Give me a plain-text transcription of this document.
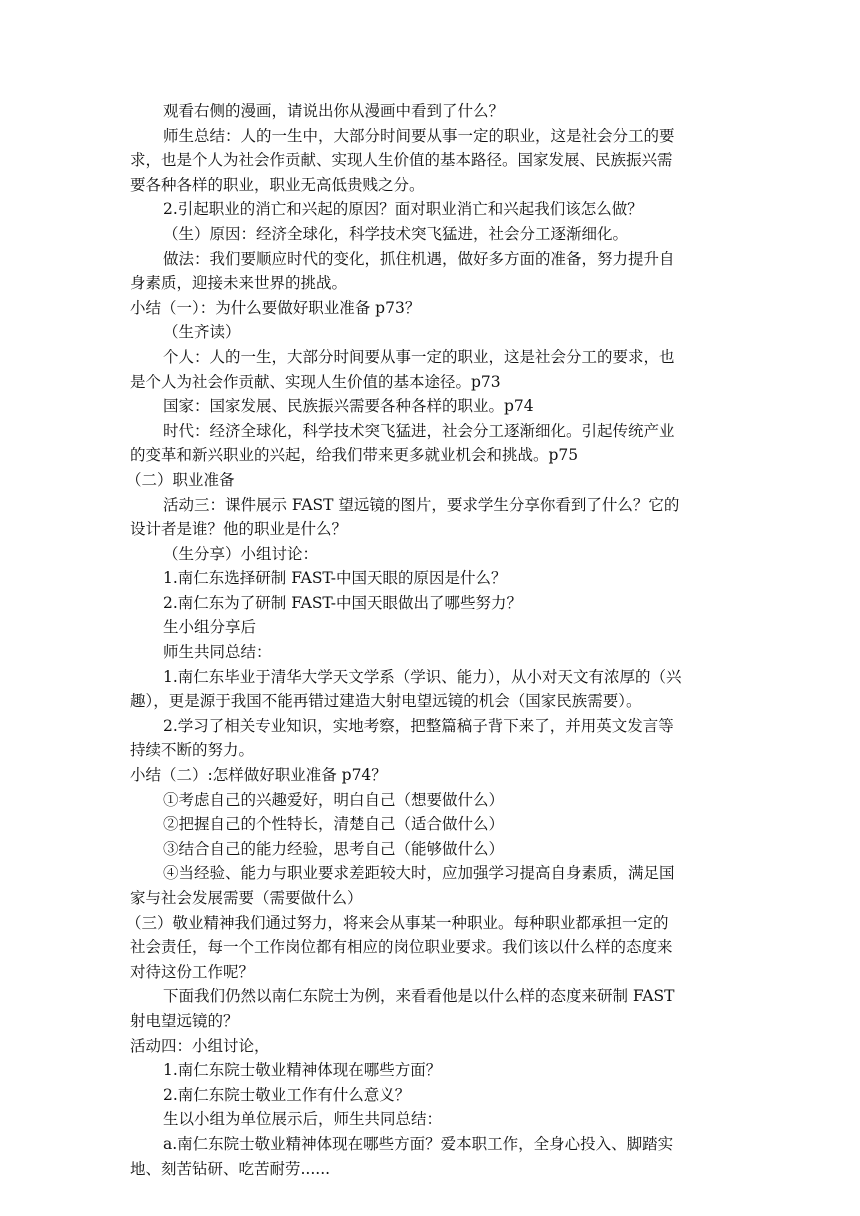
观看右侧的漫画，请说出你从漫画中看到了什么？

师生总结：人的一生中，大部分时间要从事一定的职业，这是社会分工的要

求，也是个人为社会作贡献、实现人生价值的基本路径。国家发展、民族振兴需

要各种各样的职业，职业无高低贵贱之分。

2.引起职业的消亡和兴起的原因？面对职业消亡和兴起我们该怎么做？

（生）原因：经济全球化，科学技术突飞猛进，社会分工逐渐细化。

做法：我们要顺应时代的变化，抓住机遇，做好多方面的准备，努力提升自

身素质，迎接未来世界的挑战。

小结（一）：为什么要做好职业准备 p73？

（生齐读）

个人：人的一生，大部分时间要从事一定的职业，这是社会分工的要求，也

是个人为社会作贡献、实现人生价值的基本途径。p73

国家：国家发展、民族振兴需要各种各样的职业。p74

时代：经济全球化，科学技术突飞猛进，社会分工逐渐细化。引起传统产业

的变革和新兴职业的兴起，给我们带来更多就业机会和挑战。p75

（二）职业准备

活动三：课件展示 FAST 望远镜的图片，要求学生分享你看到了什么？它的

设计者是谁？他的职业是什么？

（生分享）小组讨论：

1.南仁东选择研制 FAST-中国天眼的原因是什么？

2.南仁东为了研制 FAST-中国天眼做出了哪些努力？

生小组分享后

师生共同总结：

1.南仁东毕业于清华大学天文学系（学识、能力），从小对天文有浓厚的（兴

趣），更是源于我国不能再错过建造大射电望远镜的机会（国家民族需要）。

2.学习了相关专业知识，实地考察，把整篇稿子背下来了，并用英文发言等

持续不断的努力。

小结（二）:怎样做好职业准备 p74？

①考虑自己的兴趣爱好，明白自己（想要做什么）

②把握自己的个性特长，清楚自己（适合做什么）

③结合自己的能力经验，思考自己（能够做什么）

④当经验、能力与职业要求差距较大时，应加强学习提高自身素质，满足国

家与社会发展需要（需要做什么）

（三）敬业精神我们通过努力，将来会从事某一种职业。每种职业都承担一定的

社会责任，每一个工作岗位都有相应的岗位职业要求。我们该以什么样的态度来

对待这份工作呢？

下面我们仍然以南仁东院士为例，来看看他是以什么样的态度来研制 FAST

射电望远镜的？

活动四：小组讨论，

1.南仁东院士敬业精神体现在哪些方面？

2.南仁东院士敬业工作有什么意义？

生以小组为单位展示后，师生共同总结：

a.南仁东院士敬业精神体现在哪些方面？爱本职工作，全身心投入、脚踏实

地、刻苦钻研、吃苦耐劳......
